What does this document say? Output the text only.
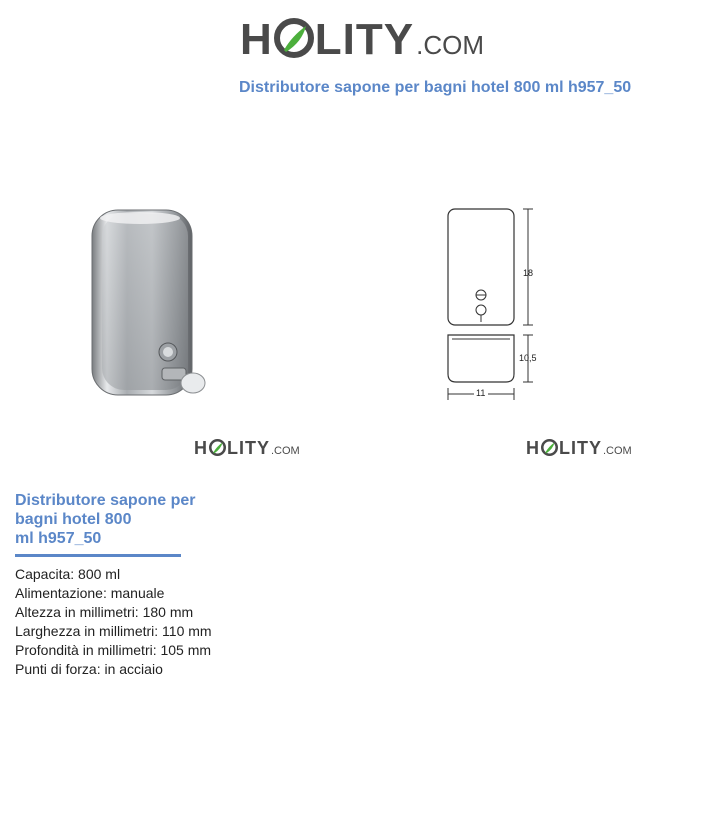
H LITY .COM
Distributore sapone per bagni hotel 800 ml h957_50
18
10,5
11
H LITY .COM	H LITY .COM
Distributore sapone per
bagni hotel 800
ml h957_50
Capacita: 800 ml
Alimentazione: manuale
Altezza in millimetri: 180 mm
Larghezza in millimetri: 110 mm
Profondità in millimetri: 105 mm
Punti di forza: in acciaio
